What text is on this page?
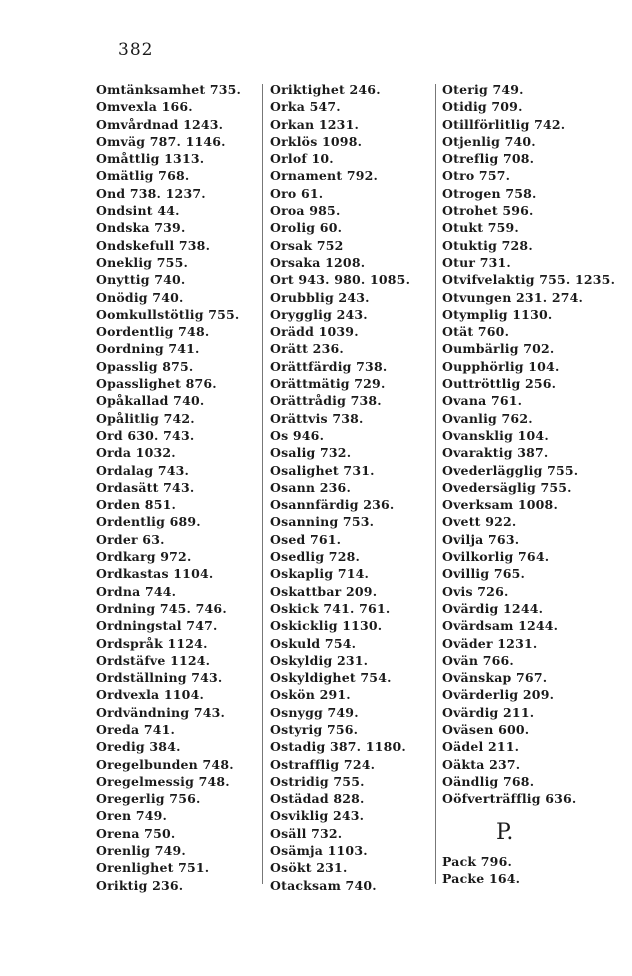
382
Omtänksamhet 735.
Omvexla 166.
Omvårdnad 1243.
Omväg 787. 1146.
Omåttlig 1313.
Omätlig 768.
Ond 738. 1237.
Ondsint 44.
Ondska 739.
Ondskefull 738.
Oneklig 755.
Onyttig 740.
Onödig 740.
Oomkullstötlig 755.
Oordentlig 748.
Oordning 741.
Opasslig 875.
Opasslighet 876.
Opåkallad 740.
Opålitlig 742.
Ord 630. 743.
Orda 1032.
Ordalag 743.
Ordasätt 743.
Orden 851.
Ordentlig 689.
Order 63.
Ordkarg 972.
Ordkastas 1104.
Ordna 744.
Ordning 745. 746.
Ordningstal 747.
Ordspråk 1124.
Ordstäfve 1124.
Ordställning 743.
Ordvexla 1104.
Ordvändning 743.
Oreda 741.
Oredig 384.
Oregelbunden 748.
Oregelmessig 748.
Oregerlig 756.
Oren 749.
Orena 750.
Orenlig 749.
Orenlighet 751.
Oriktig 236.
Oriktighet 246.
Orka 547.
Orkan 1231.
Orklös 1098.
Orlof 10.
Ornament 792.
Oro 61.
Oroa 985.
Orolig 60.
Orsak 752
Orsaka 1208.
Ort 943. 980. 1085.
Orubblig 243.
Orygglig 243.
Orädd 1039.
Orätt 236.
Orättfärdig 738.
Orättmätig 729.
Orättrådig 738.
Orättvis 738.
Os 946.
Osalig 732.
Osalighet 731.
Osann 236.
Osannfärdig 236.
Osanning 753.
Osed 761.
Osedlig 728.
Oskaplig 714.
Oskattbar 209.
Oskick 741. 761.
Oskicklig 1130.
Oskuld 754.
Oskyldig 231.
Oskyldighet 754.
Oskön 291.
Osnygg 749.
Ostyrig 756.
Ostadig 387. 1180.
Ostrafflig 724.
Ostridig 755.
Ostädad 828.
Osviklig 243.
Osäll 732.
Osämja 1103.
Osökt 231.
Otacksam 740.
Oterig 749.
Otidig 709.
Otillförlitlig 742.
Otjenlig 740.
Otreflig 708.
Otro 757.
Otrogen 758.
Otrohet 596.
Otukt 759.
Otuktig 728.
Otur 731.
Otvifvelaktig 755. 1235.
Otvungen 231. 274.
Otymplig 1130.
Otät 760.
Oumbärlig 702.
Oupphörlig 104.
Outtröttlig 256.
Ovana 761.
Ovanlig 762.
Ovansklig 104.
Ovaraktig 387.
Ovederlägglig 755.
Ovedersäglig 755.
Overksam 1008.
Ovett 922.
Ovilja 763.
Ovilkorlig 764.
Ovillig 765.
Ovis 726.
Ovärdig 1244.
Ovärdsam 1244.
Oväder 1231.
Ovän 766.
Ovänskap 767.
Ovärderlig 209.
Ovärdig 211.
Oväsen 600.
Oädel 211.
Oäkta 237.
Oändlig 768.
Oöfverträfflig 636.
P.
Pack 796.
Packe 164.
